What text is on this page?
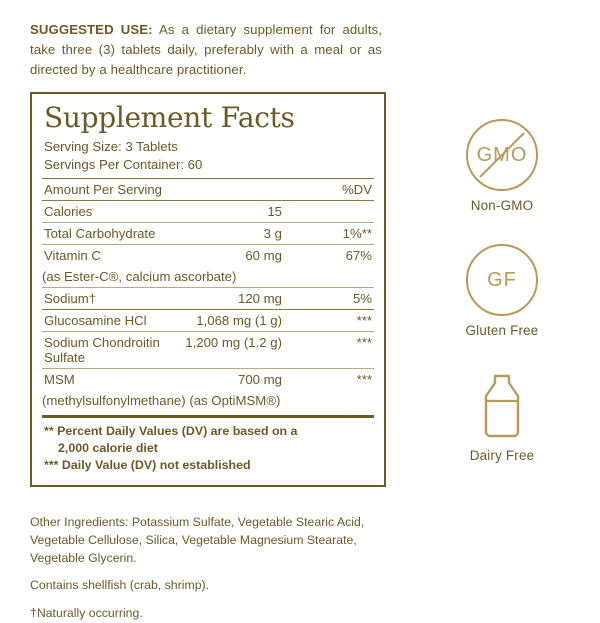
SUGGESTED USE: As a dietary supplement for adults, take three (3) tablets daily, preferably with a meal or as directed by a healthcare practitioner.
Supplement Facts
Serving Size: 3 Tablets
Servings Per Container: 60
Amount Per Serving		%DV
Calories	15	
Total Carbohydrate	3 g	1%**
Vitamin C	60 mg	67%
(as Ester-C®, calcium ascorbate)		
Sodium†	120 mg	5%
Glucosamine HCl	1,068 mg (1 g)	***
Sodium Chondroitin Sulfate	1,200 mg (1.2 g)	***
MSM	700 mg	***
(methylsulfonylmethane) (as OptiMSM®)		
** Percent Daily Values (DV) are based on a
2,000 calorie diet
*** Daily Value (DV) not established

Other Ingredients: Potassium Sulfate, Vegetable Stearic Acid, Vegetable Cellulose, Silica, Vegetable Magnesium Stearate, Vegetable Glycerin.

Contains shellfish (crab, shrimp).

†Naturally occurring.

GMO
Non-GMO
GF
Gluten Free
Dairy Free
